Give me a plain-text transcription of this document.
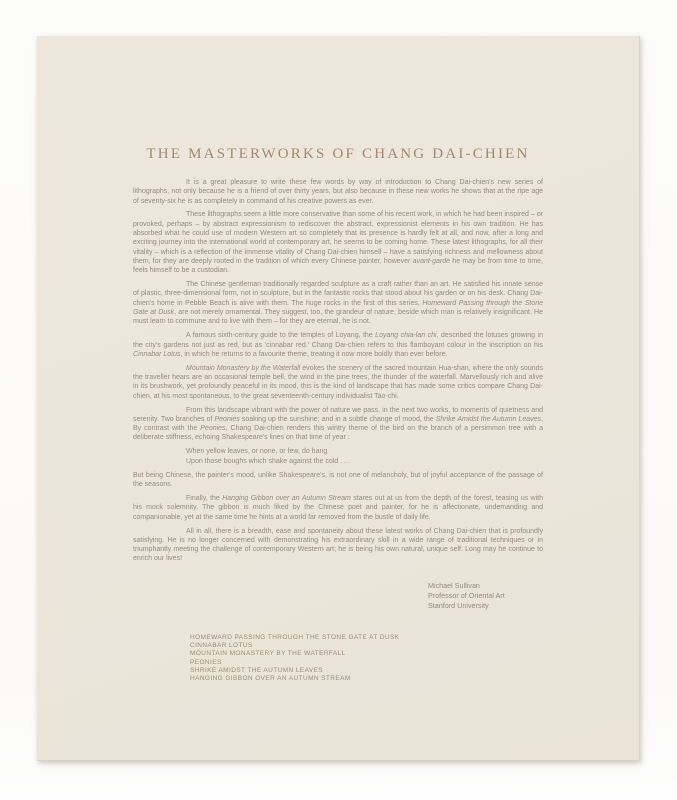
THE MASTERWORKS OF CHANG DAI-CHIEN

It is a great pleasure to write these few words by way of introduction to Chang Dai-chien's new series of lithographs, not only because he is a friend of over thirty years, but also because in these new works he shows that at the ripe age of seventy-six he is as completely in command of his creative powers as ever.

These lithographs seem a little more conservative than some of his recent work, in which he had been inspired – or provoked, perhaps – by abstract expressionism to rediscover the abstract, expressionist elements in his own tradition. He has absorbed what he could use of modern Western art so completely that its presence is hardly felt at all, and now, after a long and exciting journey into the international world of contemporary art, he seems to be coming home. These latest lithographs, for all their vitality – which is a reflection of the immense vitality of Chang Dai-chien himself – have a satisfying richness and mellowness about them, for they are deeply rooted in the tradition of which every Chinese painter, however avant-garde he may be from time to time, feels himself to be a custodian.

The Chinese gentleman traditionally regarded sculpture as a craft rather than an art. He satisfied his innate sense of plastic, three-dimensional form, not in sculpture, but in the fantastic rocks that stood about his garden or on his desk. Chang Dai-chien's home in Pebble Beach is alive with them. The huge rocks in the first of this series, Homeward Passing through the Stone Gate at Dusk, are not merely ornamental. They suggest, too, the grandeur of nature, beside which man is relatively insignificant. He must learn to commune and to live with them – for they are eternal, he is not.

A famous sixth-century guide to the temples of Loyang, the Loyang chia-lan chi, described the lotuses growing in the city's gardens not just as red, but as 'cinnabar red.' Chang Dai-chien refers to this flamboyant colour in the inscription on his Cinnabar Lotus, in which he returns to a favourite theme, treating it now more boldly than ever before.

Mountain Monastery by the Waterfall evokes the scenery of the sacred mountain Hua-shan, where the only sounds the traveller hears are an occasional temple bell, the wind in the pine trees, the thunder of the waterfall. Marvellously rich and alive in its brushwork, yet profoundly peaceful in its mood, this is the kind of landscape that has made some critics compare Chang Dai-chien, at his most spontaneous, to the great seventeenth-century individualist Tao-chi.

From this landscape vibrant with the power of nature we pass, in the next two works, to moments of quietness and serenity. Two branches of Peonies soaking up the sunshine; and in a subtle change of mood, the Shrike Amidst the Autumn Leaves. By contrast with the Peonies, Chang Dai-chien renders this wintry theme of the bird on the branch of a persimmon tree with a deliberate stiffness, echoing Shakespeare's lines on that time of year :

When yellow leaves, or none, or few, do hang
Upon those boughs which shake against the cold . . .

But being Chinese, the painter's mood, unlike Shakespeare's, is not one of melancholy, but of joyful acceptance of the passage of the seasons.

Finally, the Hanging Gibbon over an Autumn Stream stares out at us from the depth of the forest, teasing us with his mock solemnity. The gibbon is much liked by the Chinese poet and painter, for he is affectionate, undemanding and companionable, yet at the same time he hints at a world far removed from the bustle of daily life.

All in all, there is a breadth, ease and spontaneity about these latest works of Chang Dai-chien that is profoundly satisfying. He is no longer concerned with demonstrating his extraordinary skill in a wide range of traditional techniques or in triumphantly meeting the challenge of contemporary Western art; he is being his own natural, unique self. Long may he continue to enrich our lives!

Michael Sullivan
Professor of Oriental Art
Stanford University
HOMEWARD PASSING THROUGH THE STONE GATE AT DUSK
CINNABAR LOTUS
MOUNTAIN MONASTERY BY THE WATERFALL
PEONIES
SHRIKE AMIDST THE AUTUMN LEAVES
HANGING GIBBON OVER AN AUTUMN STREAM
